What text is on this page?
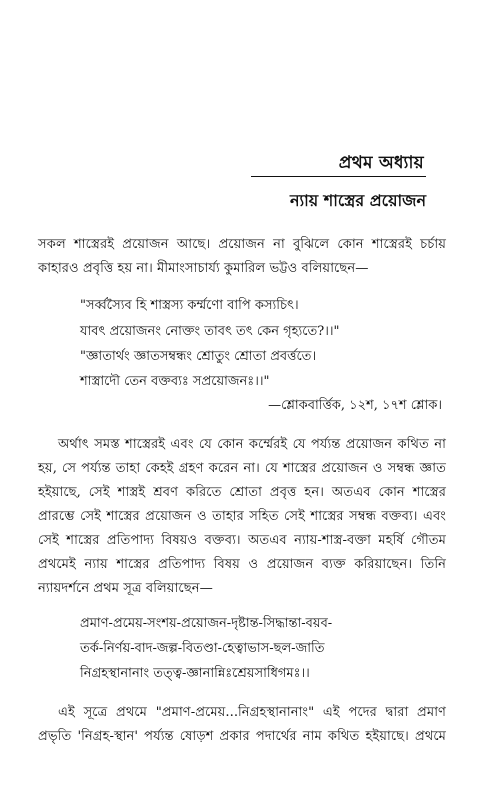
প্রথম অধ্যায়
ন্যায় শাস্ত্রের প্রয়োজন
সকল শাস্ত্রেরই প্রয়োজন আছে। প্রয়োজন না বুঝিলে কোন শাস্ত্রেরই চর্চায়
কাহারও প্রবৃত্তি হয় না। মীমাংসাচার্য্য কুমারিল ভট্টও বলিয়াছেন—
"সৰ্ব্বস্যৈব হি শাস্ত্রস্য কর্ম্মণো বাপি কস্যচিৎ।
যাবৎ প্রয়োজনং নোক্তং তাবৎ তৎ কেন গৃহ্যতে?।।"
"জ্ঞাতার্থং জ্ঞাতসম্বন্ধং শ্রোতুং শ্রোতা প্রবর্ত্ততে।
শাস্ত্রাদৌ তেন বক্তব্যঃ সপ্রয়োজনঃ।।"
—শ্লোকবার্ত্তিক, ১২শ, ১৭শ শ্লোক।
অর্থাৎ সমস্ত শাস্ত্রেরই এবং যে কোন কর্ম্মেরই যে পর্য্যন্ত প্রয়োজন কথিত না
হয়, সে পর্য্যন্ত তাহা কেহই গ্রহণ করেন না। যে শাস্ত্রের প্রয়োজন ও সম্বন্ধ জ্ঞাত
হইয়াছে, সেই শাস্ত্রই শ্রবণ করিতে শ্রোতা প্রবৃত্ত হন। অতএব কোন শাস্ত্রের
প্রারম্ভে সেই শাস্ত্রের প্রয়োজন ও তাহার সহিত সেই শাস্ত্রের সম্বন্ধ বক্তব্য। এবং
সেই শাস্ত্রের প্রতিপাদ্য বিষয়ও বক্তব্য। অতএব ন্যায়-শাস্ত্র-বক্তা মহর্ষি গৌতম
প্রথমেই ন্যায় শাস্ত্রের প্রতিপাদ্য বিষয় ও প্রয়োজন ব্যক্ত করিয়াছেন। তিনি
ন্যায়দর্শনে প্রথম সূত্র বলিয়াছেন—
প্রমাণ-প্রমেয়-সংশয়-প্রয়োজন-দৃষ্টান্ত-সিদ্ধান্তা-বয়ব-
তর্ক-নির্ণয়-বাদ-জল্প-বিতণ্ডা-হেত্বাভাস-ছল-জাতি
নিগ্রহস্থানানাং তত্ত্ব-জ্ঞানান্নিঃশ্রেয়সাধিগমঃ।।
এই সূত্রে প্রথমে "প্রমাণ-প্রমেয়...নিগ্রহস্থানানাং" এই পদের দ্বারা প্রমাণ
প্রভৃতি 'নিগ্রহ-স্থান' পর্য্যন্ত ষোড়শ প্রকার পদার্থের নাম কথিত হইয়াছে। প্রথমে
